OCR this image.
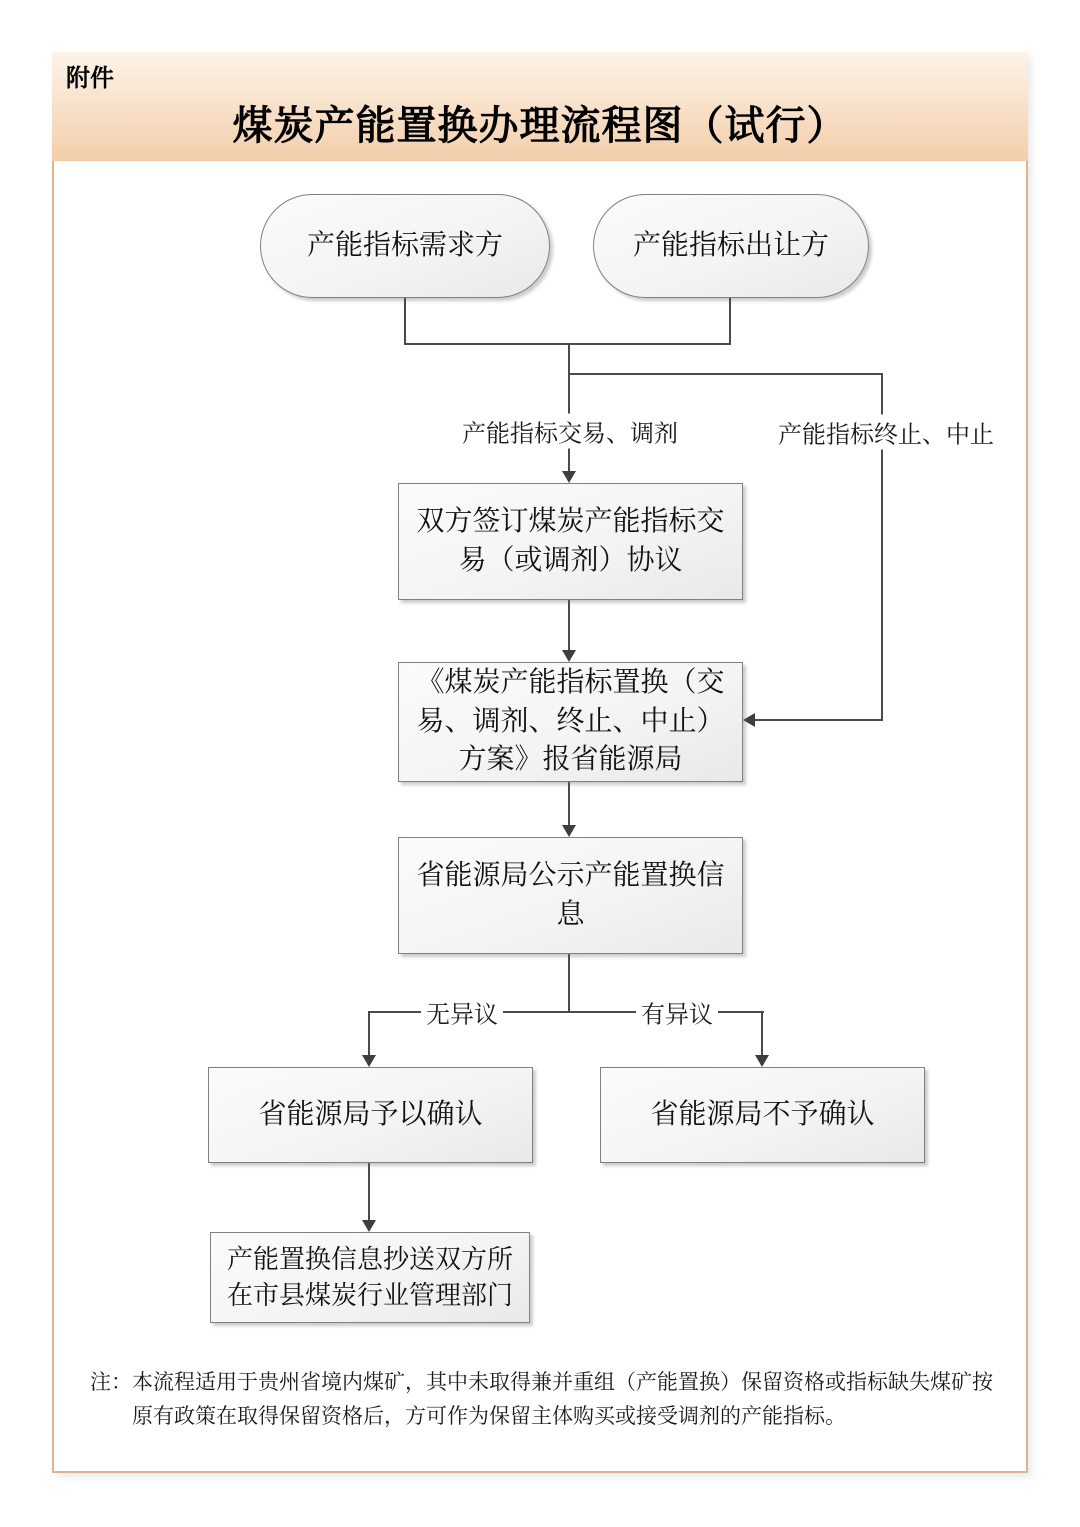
附件
煤炭产能置换办理流程图（试行）
产能指标需求方	产能指标出让方
产能指标交易、调剂	产能指标终止、中止
无异议	有异议
双方签订煤炭产能指标交易（或调剂）协议
《煤炭产能指标置换（交易、调剂、终止、中止）方案》报省能源局
省能源局公示产能置换信息
省能源局予以确认	省能源局不予确认
产能置换信息抄送双方所在市县煤炭行业管理部门
注： 本流程适用于贵州省境内煤矿，其中未取得兼并重组（产能置换）保留资格或指标缺失煤矿按原有政策在取得保留资格后，方可作为保留主体购买或接受调剂的产能指标。
